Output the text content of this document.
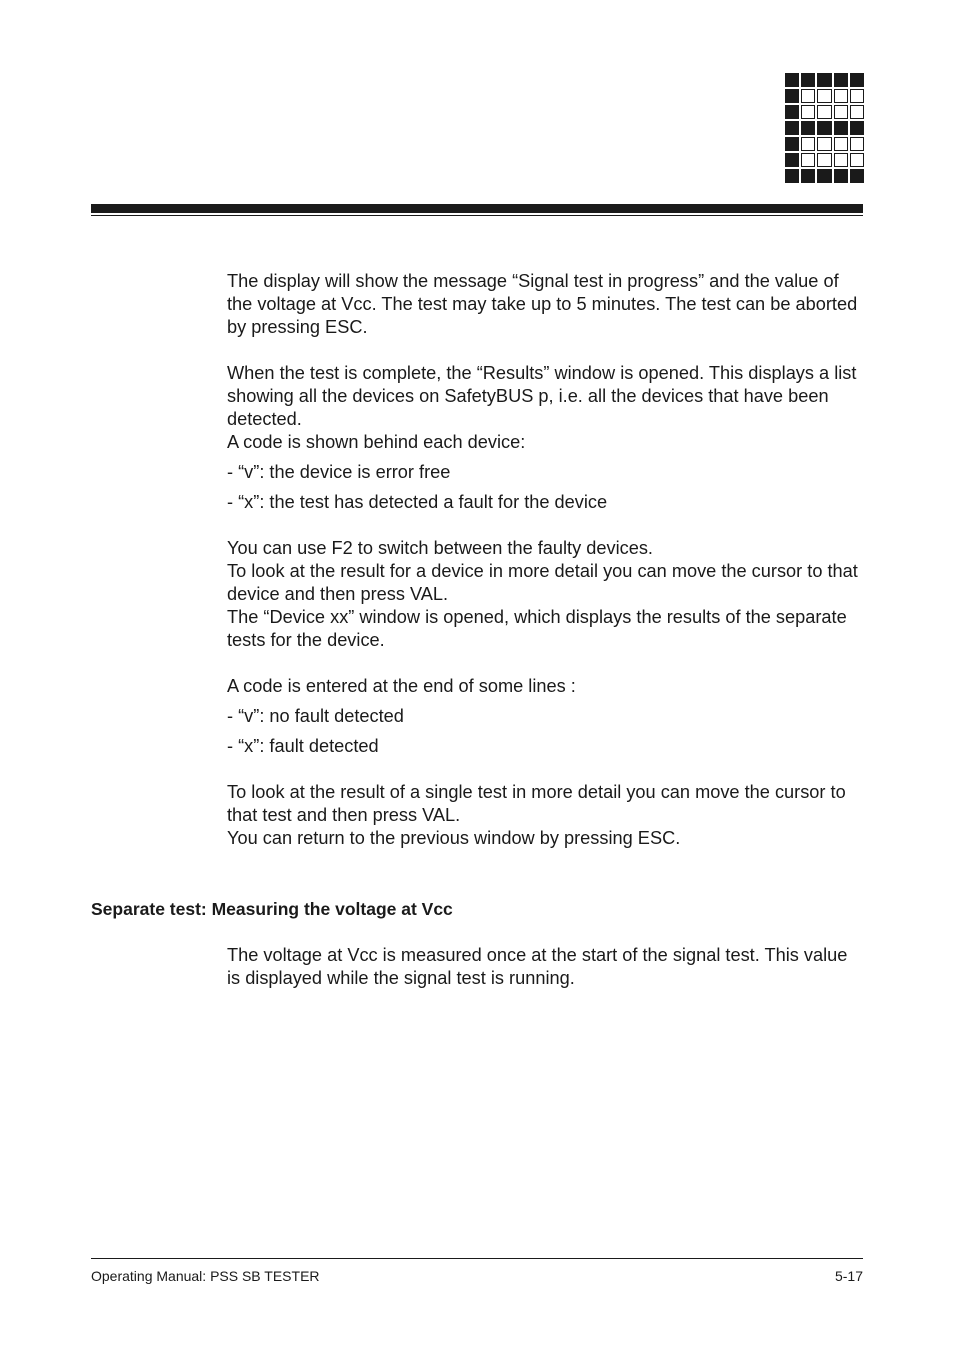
The display will show the message “Signal test in progress” and the value of the voltage at Vcc. The test may take up to 5 minutes. The test can be aborted by pressing ESC.

When the test is complete, the “Results” window is opened. This displays a list showing all the devices on SafetyBUS p, i.e. all the devices that have been detected.

A code is shown behind each device:

- “v”: the device is error free

- “x”: the test has detected a fault for the device

You can use F2 to switch between the faulty devices.

To look at the result for a device in more detail you can move the cursor to that device and then press VAL.

The “Device xx” window is opened, which displays the results of the separate tests for the device.

A code is entered at the end of some lines :

- “v”: no fault detected

- “x”: fault detected

To look at the result of a single test in more detail you can move the cursor to that test and then press VAL.

You can return to the previous window by pressing ESC.

Separate test: Measuring the voltage at Vcc

The voltage at Vcc is measured once at the start of the signal test. This value is displayed while the signal test is running.

Operating Manual: PSS SB TESTER	5-17
